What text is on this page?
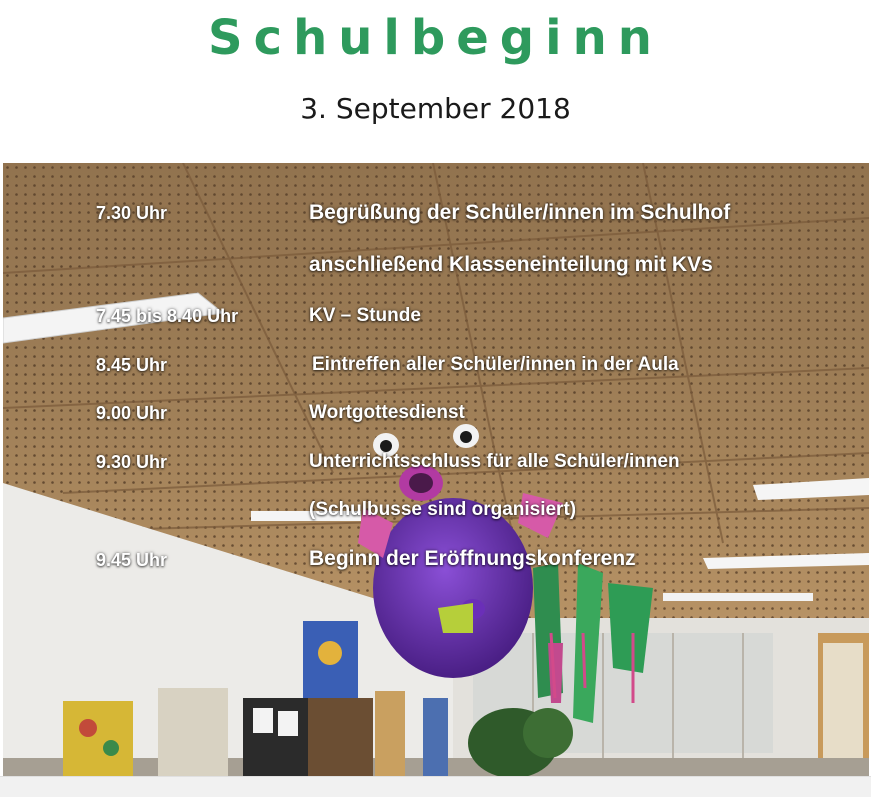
Schulbeginn
3. September 2018
7.30 Uhr	Begrüßung der Schüler/innen im Schulhof
anschließend Klasseneinteilung mit KVs
7.45 bis 8.40 Uhr	KV – Stunde
8.45 Uhr	Eintreffen aller Schüler/innen in der Aula
9.00 Uhr	Wortgottesdienst
9.30 Uhr	Unterrichtsschluss für alle Schüler/innen
(Schulbusse sind organisiert)
9.45 Uhr	Beginn der Eröffnungskonferenz
